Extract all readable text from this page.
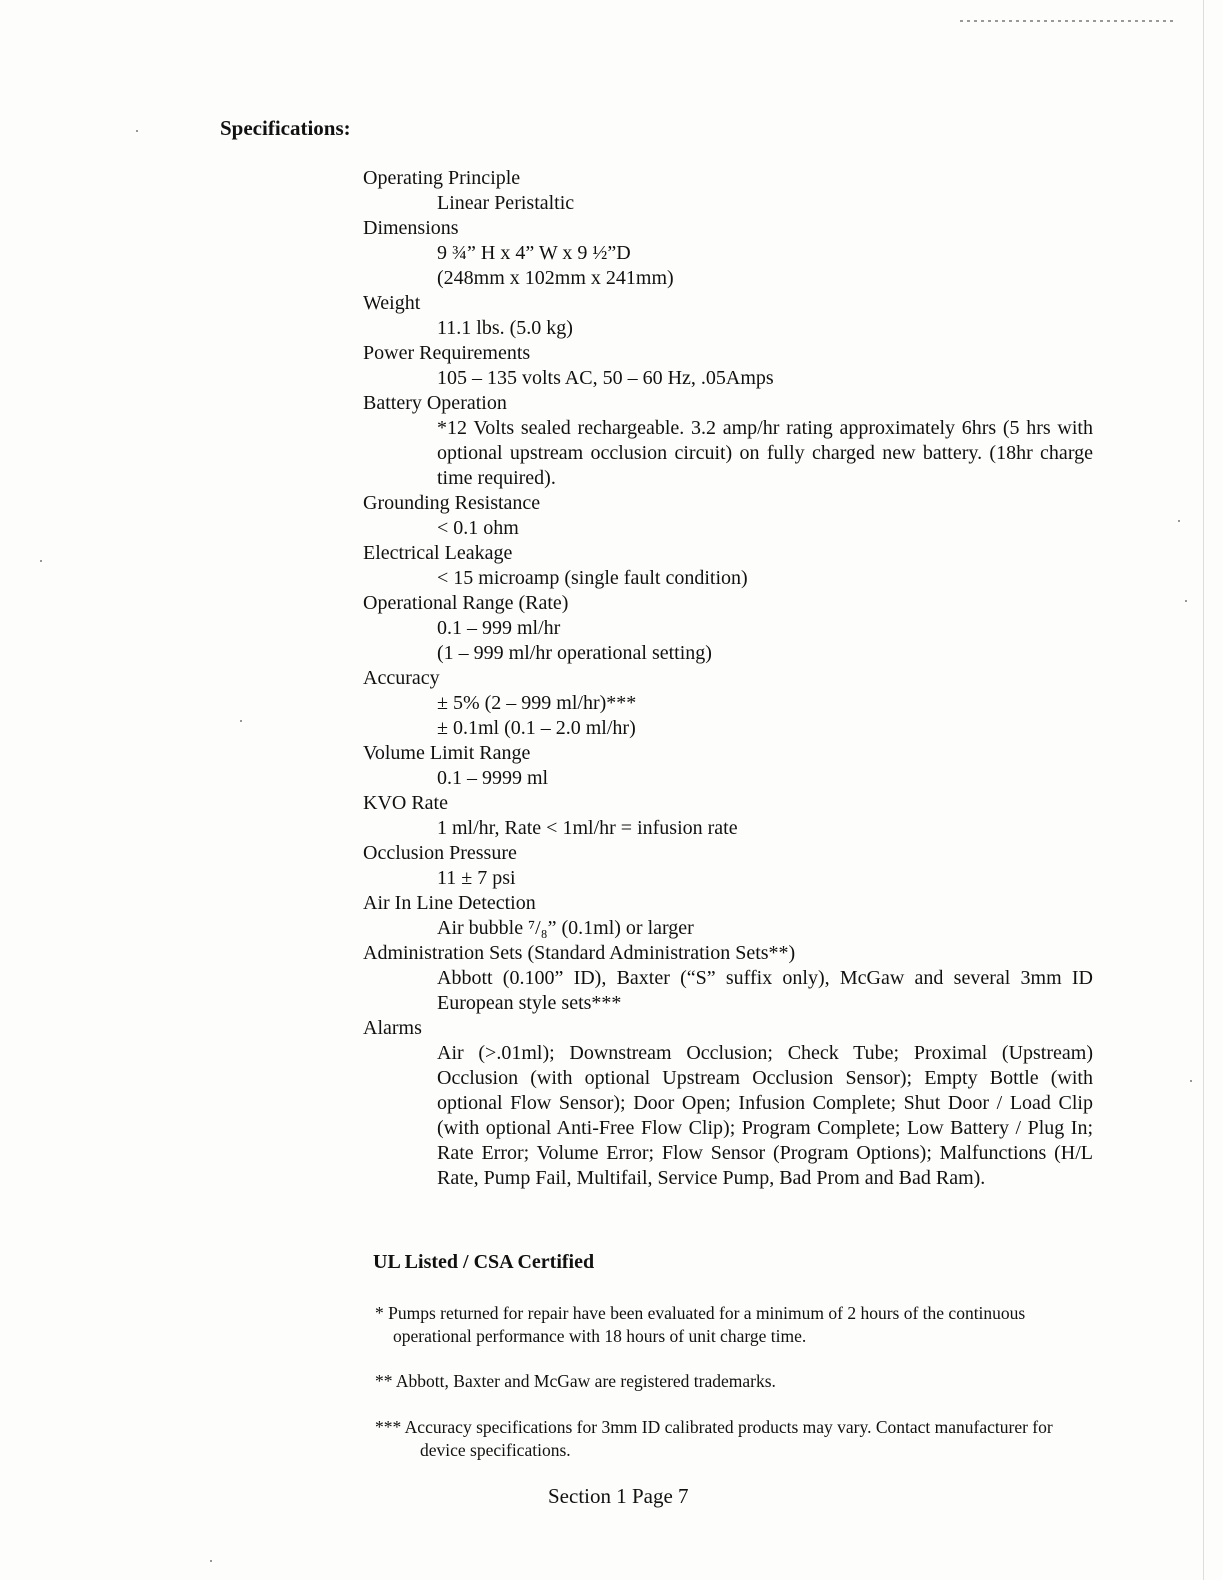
Specifications:

Operating Principle

Linear Peristaltic

Dimensions

9 ¾” H x 4” W x 9 ½”D

(248mm x 102mm x 241mm)

Weight

11.1 lbs. (5.0 kg)

Power Requirements

105 – 135 volts AC, 50 – 60 Hz, .05Amps

Battery Operation

*12 Volts sealed rechargeable. 3.2 amp/hr rating approximately 6hrs (5 hrs with optional upstream occlusion circuit) on fully charged new battery. (18hr charge time required).

Grounding Resistance

< 0.1 ohm

Electrical Leakage

< 15 microamp (single fault condition)

Operational Range (Rate)

0.1 – 999 ml/hr

(1 – 999 ml/hr operational setting)

Accuracy

± 5% (2 – 999 ml/hr)***

± 0.1ml (0.1 – 2.0 ml/hr)

Volume Limit Range

0.1 – 9999 ml

KVO Rate

1 ml/hr, Rate < 1ml/hr = infusion rate

Occlusion Pressure

11 ± 7 psi

Air In Line Detection

Air bubble ⁷/₈” (0.1ml) or larger

Administration Sets (Standard Administration Sets**)

Abbott (0.100” ID), Baxter (“S” suffix only), McGaw and several 3mm ID European style sets***

Alarms

Air (>.01ml); Downstream Occlusion; Check Tube; Proximal (Upstream) Occlusion (with optional Upstream Occlusion Sensor); Empty Bottle (with optional Flow Sensor); Door Open; Infusion Complete; Shut Door / Load Clip (with optional Anti-Free Flow Clip); Program Complete; Low Battery / Plug In; Rate Error; Volume Error; Flow Sensor (Program Options); Malfunctions (H/L Rate, Pump Fail, Multifail, Service Pump, Bad Prom and Bad Ram).

UL Listed / CSA Certified
* Pumps returned for repair have been evaluated for a minimum of 2 hours of the continuous operational performance with 18 hours of unit charge time.
** Abbott, Baxter and McGaw are registered trademarks.
*** Accuracy specifications for 3mm ID calibrated products may vary. Contact manufacturer for device specifications.
Section 1 Page 7
